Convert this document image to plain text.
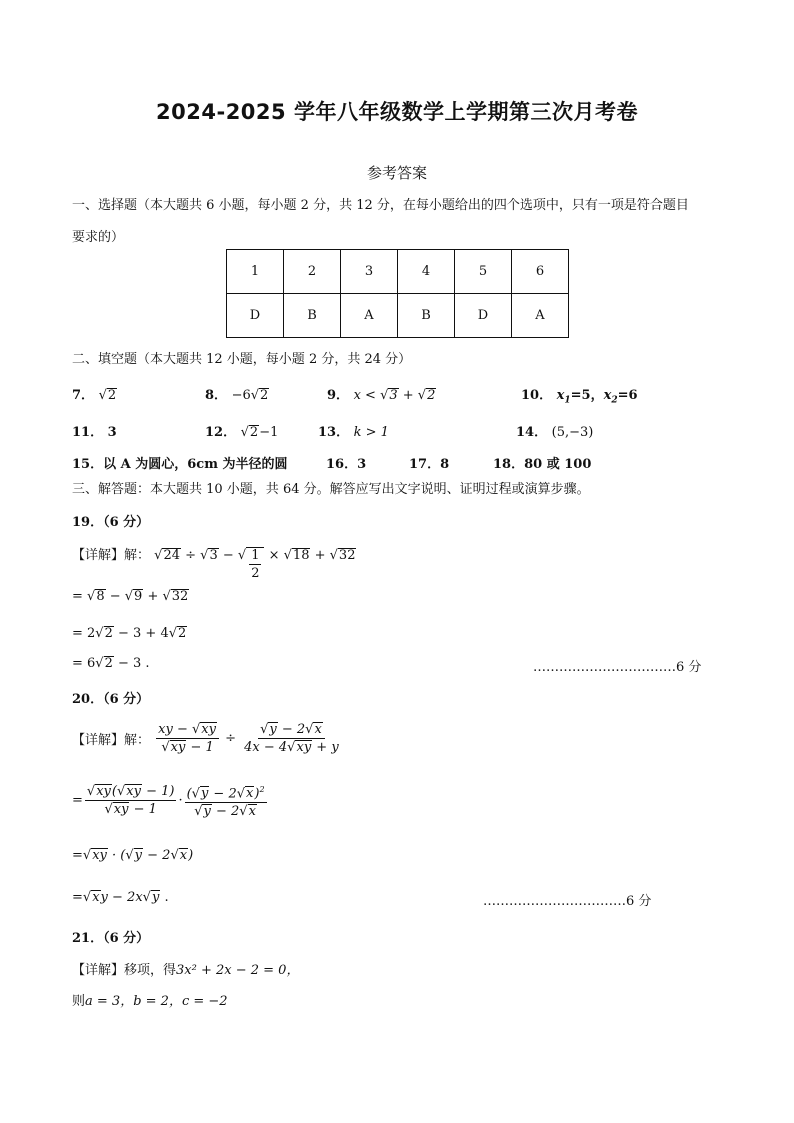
2024-2025 学年八年级数学上学期第三次月考卷
参考答案
一、选择题（本大题共 6 小题，每小题 2 分，共 12 分，在每小题给出的四个选项中，只有一项是符合题目
要求的）
1	2	3	4	5	6
D	B	A	B	D	A
二、填空题（本大题共 12 小题，每小题 2 分，共 24 分）
7． √2	8． −6√2	9． x < √3 + √2	10． $x_1=5$，$x_2=6$
11． 3	12． √2−1	13． k > 1	14． (5,−3)
15．以 A 为圆心，6cm 为半径的圆	16．3	17．8	18．80 或 100
三、解答题：本大题共 10 小题，共 64 分。解答应写出文字说明、证明过程或演算步骤。
19．（6 分）
【详解】解： √24 ÷ √3 − √ $\frac{1}{2} \times √18 + √32$
= √8 − √9 + √32
= 2√2 − 3 + 4√2
= 6√2 − 3 .	……………………………6 分
20．（6 分）
【详解】解： $\frac{xy - √xy}{√xy - 1} \div \frac{√y - 2√x}{4x - 4√xy + y}$
= $\frac{√xy(√xy - 1)}{√xy - 1} \cdot \frac{(√y - 2√x)^2}{√y - 2√x}$
=√xy · (√y − 2√x)
=√xy − 2x√y .	……………………………6 分
21．（6 分）
【详解】移项，得3x² + 2x − 2 = 0，
则a = 3，b = 2，c = −2
